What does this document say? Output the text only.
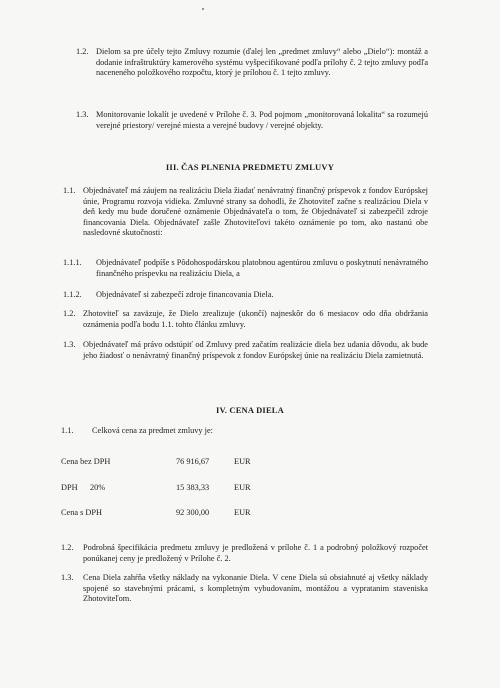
1.2. Dielom sa pre účely tejto Zmluvy rozumie (ďalej len „predmet zmluvy“ alebo „Dielo“): montáž a dodanie infraštruktúry kamerového systému vyšpecifikované podľa prílohy č. 2 tejto zmluvy podľa naceneného položkového rozpočtu, ktorý je prílohou č. 1 tejto zmluvy.
1.3. Monitorovanie lokalít je uvedené v Prílohe č. 3. Pod pojmom „monitorovaná lokalita“ sa rozumejú verejné priestory/ verejné miesta a verejné budovy / verejné objekty.
III. ČAS PLNENIA PREDMETU ZMLUVY
1.1. Objednávateľ má záujem na realizáciu Diela žiadať nenávratný finančný príspevok z fondov Európskej únie, Programu rozvoja vidieka. Zmluvné strany sa dohodli, že Zhotoviteľ začne s realizáciou Diela v deň kedy mu bude doručené oznámenie Objednávateľa o tom, že Objednávateľ si zabezpečil zdroje financovania Diela. Objednávateľ zašle Zhotoviteľovi takéto oznámenie po tom, ako nastanú obe nasledovné skutočnosti:
1.1.1. Objednávateľ podpíše s Pôdohospodárskou platobnou agentúrou zmluvu o poskytnutí nenávratného finančného príspevku na realizáciu Diela, a
1.1.2. Objednávateľ si zabezpečí zdroje financovania Diela.
1.2. Zhotoviteľ sa zaväzuje, že Dielo zrealizuje (ukončí) najneskôr do 6 mesiacov odo dňa obdržania oznámenia podľa bodu 1.1. tohto článku zmluvy.
1.3. Objednávateľ má právo odstúpiť od Zmluvy pred začatím realizácie diela bez udania dôvodu, ak bude jeho žiadosť o nenávratný finančný príspevok z fondov Európskej únie na realizáciu Diela zamietnutá.
IV. CENA DIELA
1.1. Celková cena za predmet zmluvy je:
Cena bez DPH	76 916,67	EUR
DPH 20%	15 383,33	EUR
Cena s DPH	92 300,00	EUR
1.2. Podrobná špecifikácia predmetu zmluvy je predložená v prílohe č. 1 a podrobný položkový rozpočet ponúkanej ceny je predložený v Prílohe č. 2.
1.3. Cena Diela zahŕňa všetky náklady na vykonanie Diela. V cene Diela sú obsiahnuté aj všetky náklady spojené so stavebnými prácami, s kompletným vybudovaním, montážou a vypratanim staveniska Zhotoviteľom.
